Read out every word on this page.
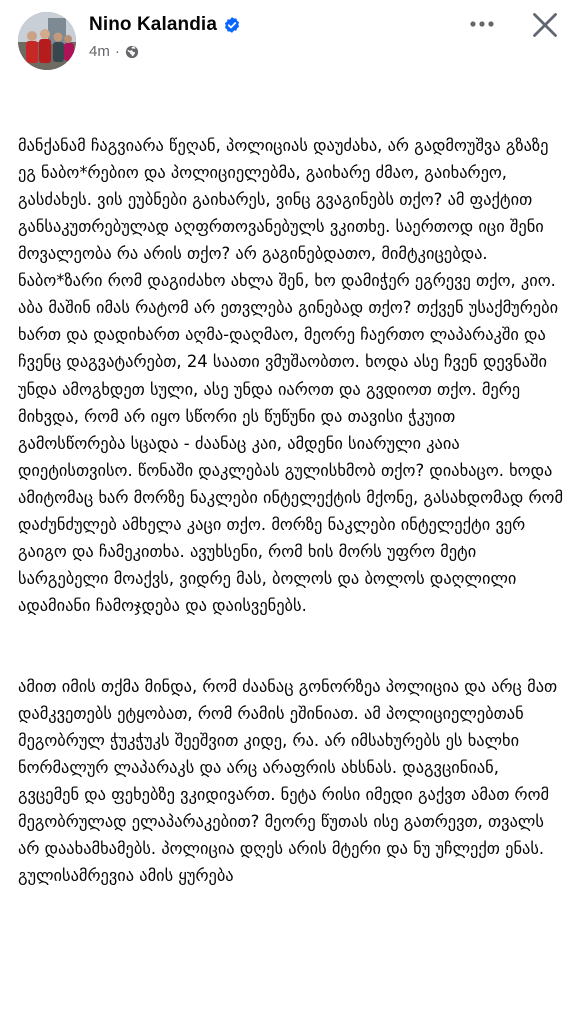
Nino Kalandia
4m ·

მანქანამ ჩაგვიარა წეღან, პოლიციას დაუძახა, არ გადმოუშვა გზაზე ეგ ნაბო*რებიო და პოლიციელებმა, გაიხარე ძმაო, გაიხარეო, გასძახეს. ვის ეუბნები გაიხარეს, ვინც გვაგინებს თქო? ამ ფაქტით განსაკუთრებულად აღფრთოვანებულს ვკითხე. საერთოდ იცი შენი მოვალეობა რა არის თქო? არ გაგინებდათო, მიმტკიცებდა. ნაბო*ზარი რომ დაგიძახო ახლა შენ, ხო დამიჭერ ეგრევე თქო, კიო. აბა მაშინ იმას რატომ არ ეთვლება გინებად თქო? თქვენ უსაქმურები ხართ და დადიხართ აღმა-დაღმაო, მეორე ჩაერთო ლაპარაკში და ჩვენც დაგვატარებთ, 24 საათი ვმუშაობთო. ხოდა ასე ჩვენ დევნაში უნდა ამოგხდეთ სული, ასე უნდა იაროთ და გვდიოთ თქო. მერე მიხვდა, რომ არ იყო სწორი ეს წუწუნი და თავისი ჭკუით გამოსწორება სცადა - ძაანაც კაი, ამდენი სიარული კაია დიეტისთვისო. წონაში დაკლებას გულისხმობ თქო? დიახაცო. ხოდა ამიტომაც ხარ მორზე ნაკლები ინტელექტის მქონე, გასახდომად რომ დაძუნძულებ ამხელა კაცი თქო. მორზე ნაკლები ინტელექტი ვერ გაიგო და ჩამეკითხა. ავუხსენი, რომ ხის მორს უფრო მეტი სარგებელი მოაქვს, ვიდრე მას, ბოლოს და ბოლოს დაღლილი ადამიანი ჩამოჯდება და დაისვენებს.

ამით იმის თქმა მინდა, რომ ძაანაც გონორზეა პოლიცია და არც მათ დამკვეთებს ეტყობათ, რომ რამის ეშინიათ. ამ პოლიციელებთან მეგობრულ ჭუკჭუკს შეეშვით კიდე, რა. არ იმსახურებს ეს ხალხი ნორმალურ ლაპარაკს და არც არაფრის ახსნას. დაგვცინიან, გვცემენ და ფეხებზე ვკიდივართ. ნეტა რისი იმედი გაქვთ ამათ რომ მეგობრულად ელაპარაკებით? მეორე წუთას ისე გათრევთ, თვალს არ დაახამხამებს. პოლიცია დღეს არის მტერი და ნუ უჩლექთ ენას. გულისამრევია ამის ყურება
